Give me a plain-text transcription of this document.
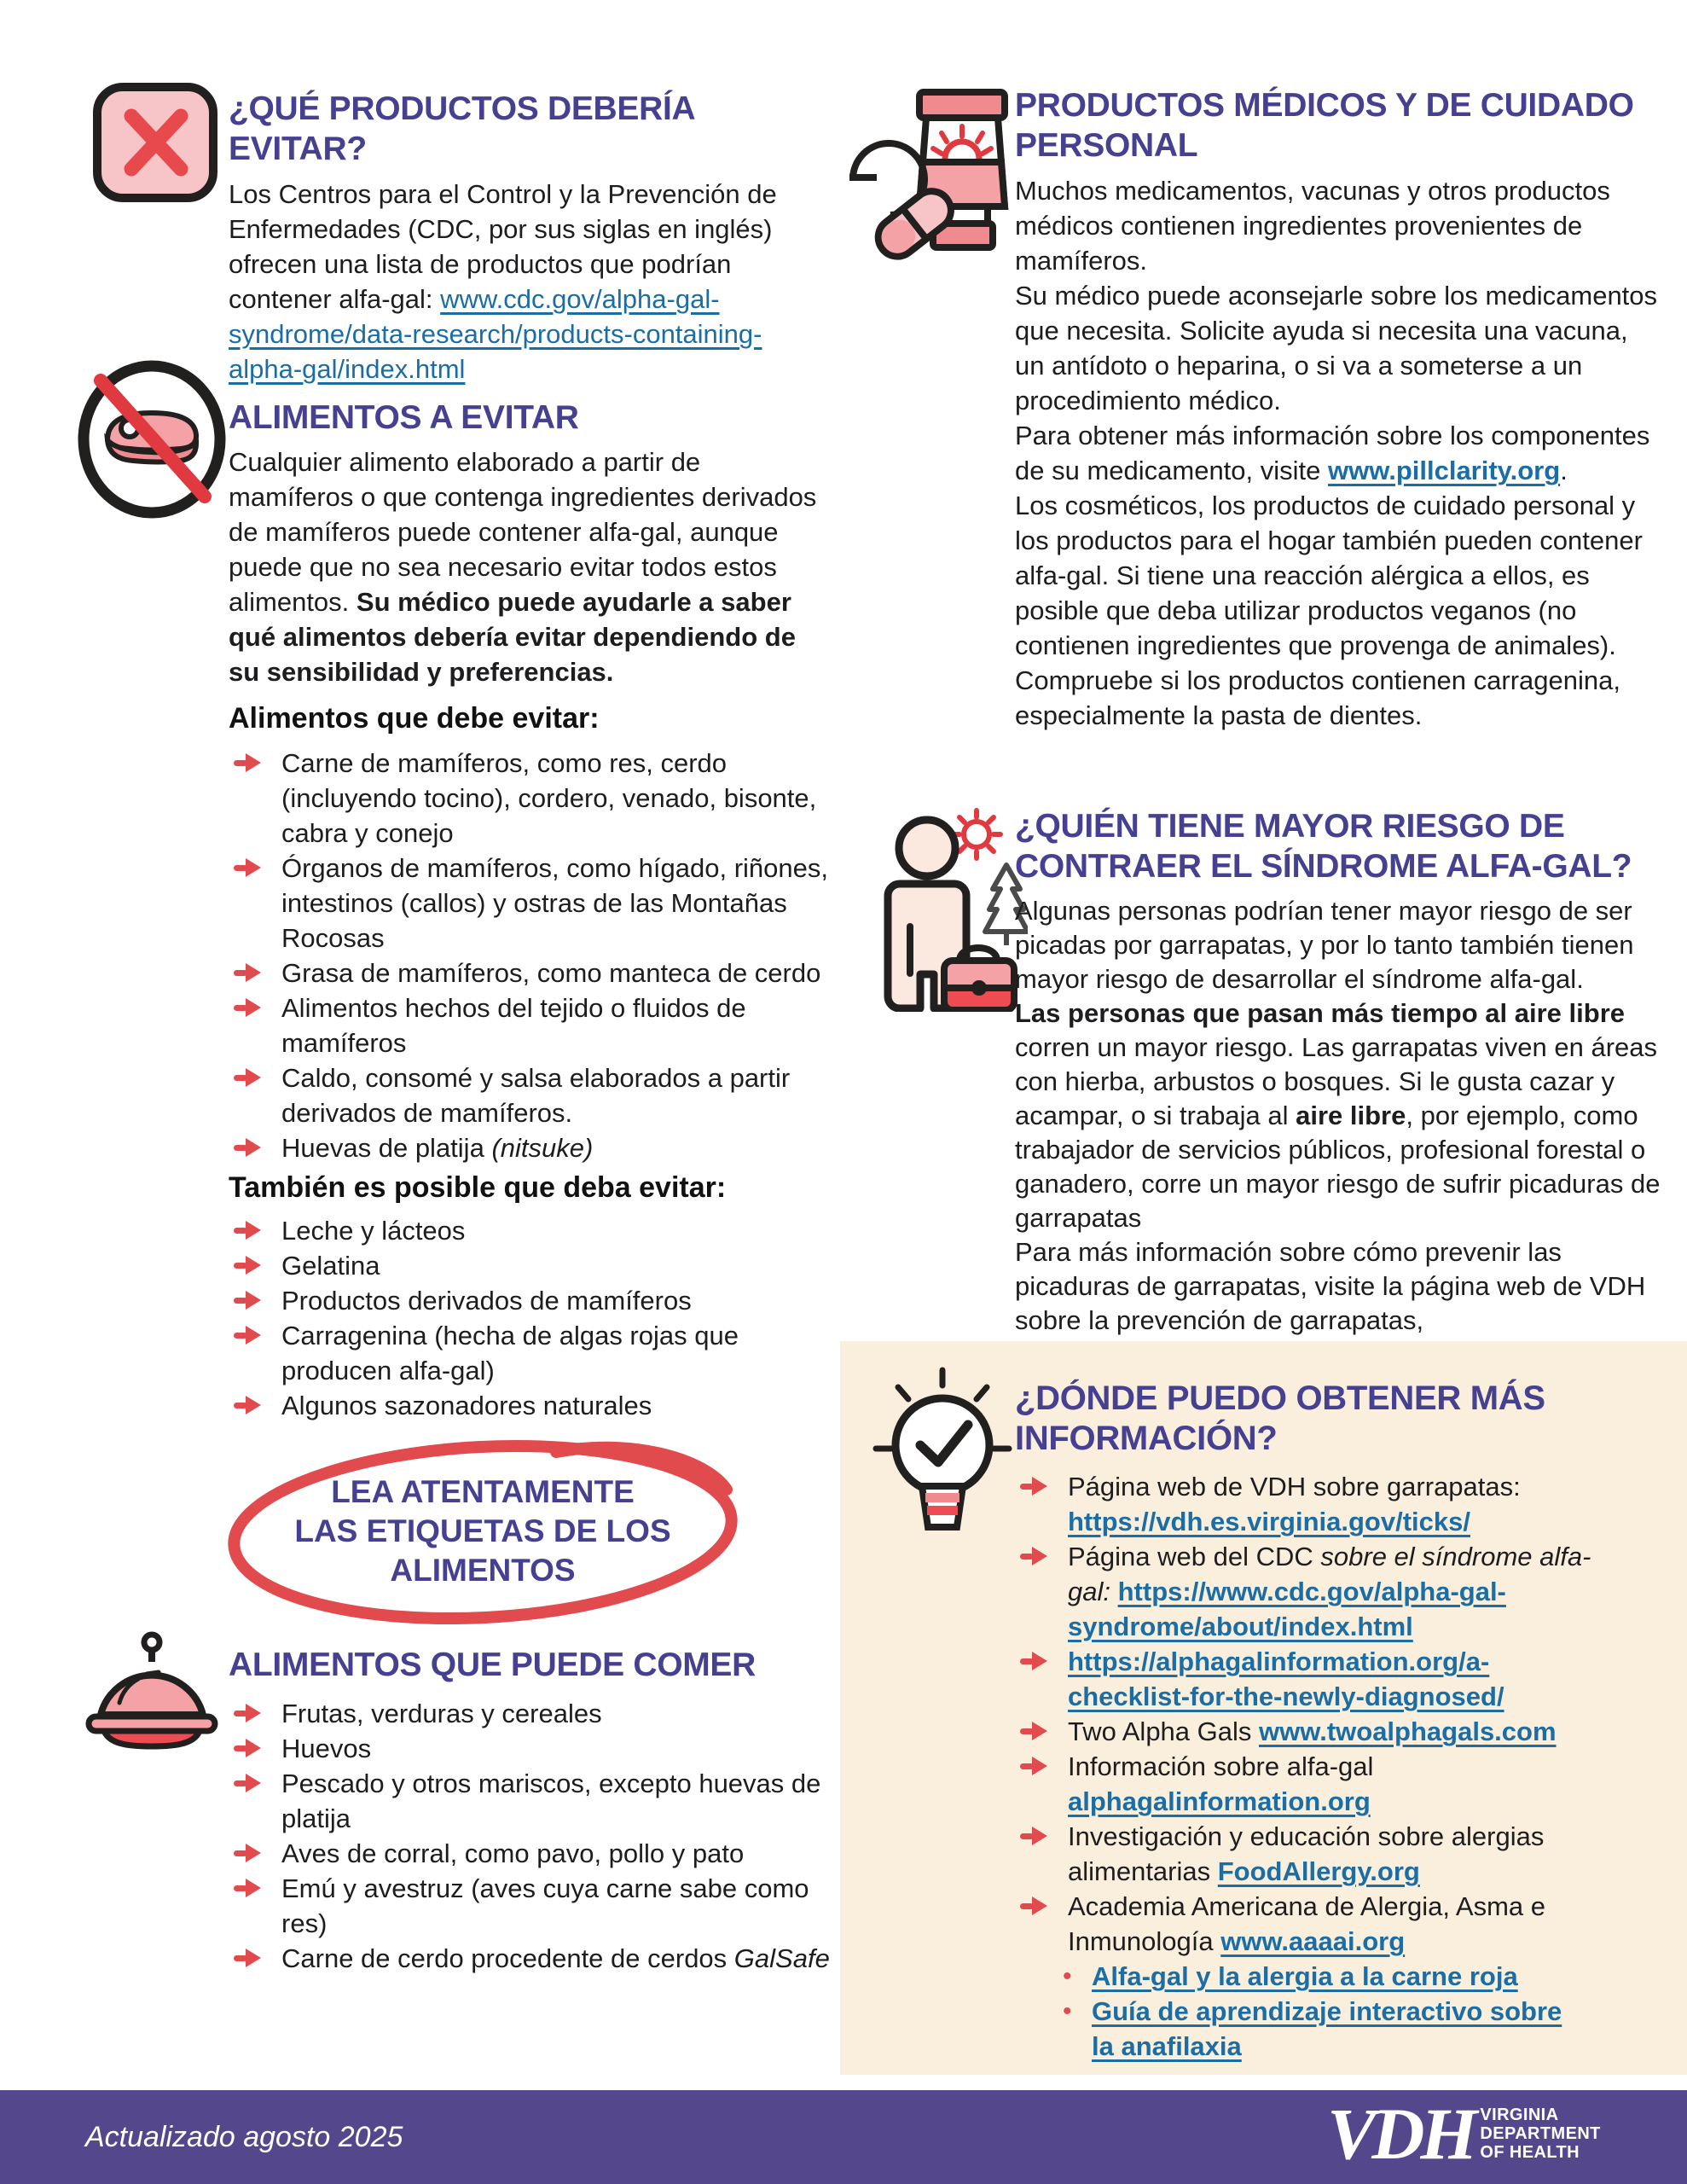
¿QUÉ PRODUCTOS DEBERÍA EVITAR?

Los Centros para el Control y la Prevención de Enfermedades (CDC, por sus siglas en inglés) ofrecen una lista de productos que podrían contener alfa-gal: www.cdc.gov/alpha-gal-syndrome/data-research/products-containing-alpha-gal/index.html

ALIMENTOS A EVITAR

Cualquier alimento elaborado a partir de mamíferos o que contenga ingredientes derivados de mamíferos puede contener alfa-gal, aunque puede que no sea necesario evitar todos estos alimentos. Su médico puede ayudarle a saber qué alimentos debería evitar dependiendo de su sensibilidad y preferencias.

Alimentos que debe evitar:
Carne de mamíferos, como res, cerdo (incluyendo tocino), cordero, venado, bisonte, cabra y conejo
Órganos de mamíferos, como hígado, riñones, intestinos (callos) y ostras de las Montañas Rocosas
Grasa de mamíferos, como manteca de cerdo
Alimentos hechos del tejido o fluidos de mamíferos
Caldo, consomé y salsa elaborados a partir derivados de mamíferos.
Huevas de platija (nitsuke)
También es posible que deba evitar:
Leche y lácteos
Gelatina
Productos derivados de mamíferos
Carragenina (hecha de algas rojas que producen alfa-gal)
Algunos sazonadores naturales
LEA ATENTAMENTE
LAS ETIQUETAS DE LOS
ALIMENTOS
ALIMENTOS QUE PUEDE COMER
Frutas, verduras y cereales
Huevos
Pescado y otros mariscos, excepto huevas de platija
Aves de corral, como pavo, pollo y pato
Emú y avestruz (aves cuya carne sabe como res)
Carne de cerdo procedente de cerdos GalSafe
PRODUCTOS MÉDICOS Y DE CUIDADO PERSONAL

Muchos medicamentos, vacunas y otros productos médicos contienen ingredientes provenientes de mamíferos.

Su médico puede aconsejarle sobre los medicamentos que necesita. Solicite ayuda si necesita una vacuna, un antídoto o heparina, o si va a someterse a un procedimiento médico.

Para obtener más información sobre los componentes de su medicamento, visite www.pillclarity.org.

Los cosméticos, los productos de cuidado personal y los productos para el hogar también pueden contener alfa-gal. Si tiene una reacción alérgica a ellos, es posible que deba utilizar productos veganos (no contienen ingredientes que provenga de animales). Compruebe si los productos contienen carragenina, especialmente la pasta de dientes.

¿QUIÉN TIENE MAYOR RIESGO DE CONTRAER EL SÍNDROME ALFA-GAL?

Algunas personas podrían tener mayor riesgo de ser picadas por garrapatas, y por lo tanto también tienen mayor riesgo de desarrollar el síndrome alfa-gal.

Las personas que pasan más tiempo al aire libre corren un mayor riesgo. Las garrapatas viven en áreas con hierba, arbustos o bosques. Si le gusta cazar y acampar, o si trabaja al aire libre, por ejemplo, como trabajador de servicios públicos, profesional forestal o ganadero, corre un mayor riesgo de sufrir picaduras de garrapatas

Para más información sobre cómo prevenir las picaduras de garrapatas, visite la página web de VDH sobre la prevención de garrapatas,

¿DÓNDE PUEDO OBTENER MÁS INFORMACIÓN?
Página web de VDH sobre garrapatas: https://vdh.es.virginia.gov/ticks/
Página web del CDC sobre el síndrome alfa-gal: https://www.cdc.gov/alpha-gal-syndrome/about/index.html
https://alphagalinformation.org/a-checklist-for-the-newly-diagnosed/
Two Alpha Gals www.twoalphagals.com
Información sobre alfa-gal alphagalinformation.org
Investigación y educación sobre alergias alimentarias FoodAllergy.org
Academia Americana de Alergia, Asma e Inmunología www.aaaai.org
• Alfa-gal y la alergia a la carne roja
• Guía de aprendizaje interactivo sobre la anafilaxia
Actualizado agosto 2025	VDH VIRGINIA
DEPARTMENT
OF HEALTH
